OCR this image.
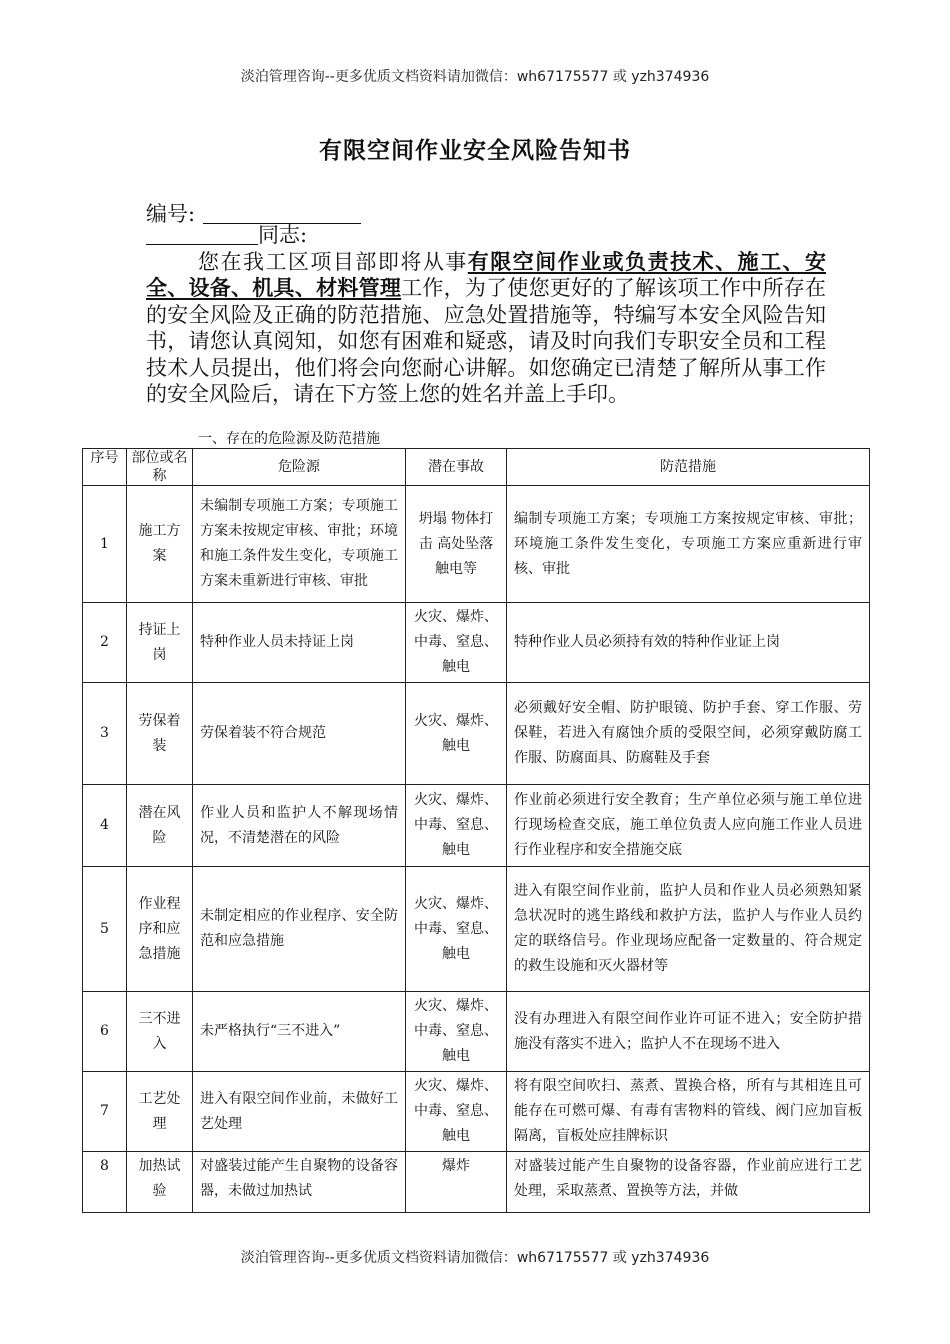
淡泊管理咨询--更多优质文档资料请加微信：wh67175577 或 yzh374936
有限空间作业安全风险告知书
编号:
同志:
您在我工区项目部即将从事有限空间作业或负责技术、施工、安全、设备、机具、材料管理工作，为了使您更好的了解该项工作中所存在的安全风险及正确的防范措施、应急处置措施等，特编写本安全风险告知书，请您认真阅知，如您有困难和疑惑，请及时向我们专职安全员和工程技术人员提出，他们将会向您耐心讲解。如您确定已清楚了解所从事工作的安全风险后，请在下方签上您的姓名并盖上手印。
一、存在的危险源及防范措施
序号	部位或名称	危险源	潜在事故	防范措施
1	施工方案	未编制专项施工方案；专项施工方案未按规定审核、审批；环境和施工条件发生变化，专项施工方案未重新进行审核、审批	坍塌 物体打击 高处坠落 触电等	编制专项施工方案；专项施工方案按规定审核、审批；环境施工条件发生变化，专项施工方案应重新进行审核、审批
2	持证上岗	特种作业人员未持证上岗	火灾、爆炸、中毒、窒息、触电	特种作业人员必须持有效的特种作业证上岗
3	劳保着装	劳保着装不符合规范	火灾、爆炸、触电	必须戴好安全帽、防护眼镜、防护手套、穿工作服、劳保鞋，若进入有腐蚀介质的受限空间，必须穿戴防腐工作服、防腐面具、防腐鞋及手套
4	潜在风险	作业人员和监护人不解现场情况，不清楚潜在的风险	火灾、爆炸、中毒、窒息、触电	作业前必须进行安全教育；生产单位必须与施工单位进行现场检查交底，施工单位负责人应向施工作业人员进行作业程序和安全措施交底
5	作业程序和应急措施	未制定相应的作业程序、安全防范和应急措施	火灾、爆炸、中毒、窒息、触电	进入有限空间作业前，监护人员和作业人员必须熟知紧急状况时的逃生路线和救护方法，监护人与作业人员约定的联络信号。作业现场应配备一定数量的、符合规定的救生设施和灭火器材等
6	三不进入	未严格执行“三不进入”	火灾、爆炸、中毒、窒息、触电	没有办理进入有限空间作业许可证不进入；安全防护措施没有落实不进入；监护人不在现场不进入
7	工艺处理	进入有限空间作业前，未做好工艺处理	火灾、爆炸、中毒、窒息、触电	将有限空间吹扫、蒸煮、置换合格，所有与其相连且可能存在可燃可爆、有毒有害物料的管线、阀门应加盲板隔离，盲板处应挂牌标识

8	加热试验	对盛装过能产生自聚物的设备容器，未做过加热试	爆炸	对盛装过能产生自聚物的设备容器，作业前应进行工艺处理，采取蒸煮、置换等方法，并做
淡泊管理咨询--更多优质文档资料请加微信：wh67175577 或 yzh374936
